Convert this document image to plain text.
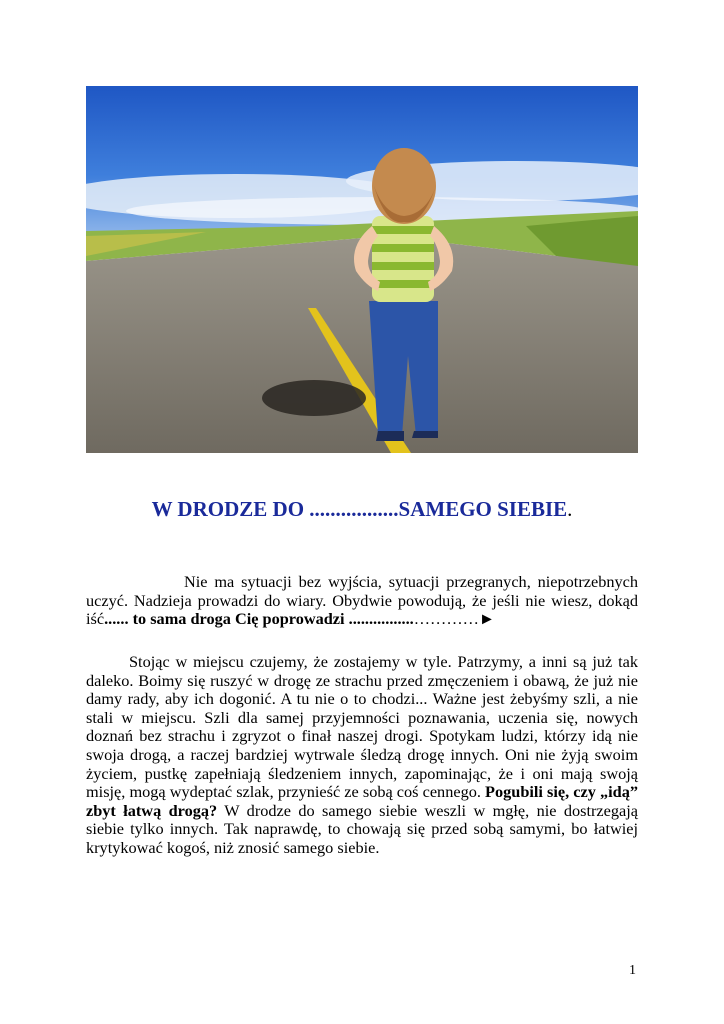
W DRODZE DO .................SAMEGO SIEBIE.
Nie ma sytuacji bez wyjścia, sytuacji przegranych, niepotrzebnych uczyć. Nadzieja prowadzi do wiary. Obydwie powodują, że jeśli nie wiesz, dokąd iść...... to sama droga Cię poprowadzi ................…………►
Stojąc w miejscu czujemy, że zostajemy w tyle. Patrzymy, a inni są już tak daleko. Boimy się ruszyć w drogę ze strachu przed zmęczeniem i obawą, że już nie damy rady, aby ich dogonić. A tu nie o to chodzi... Ważne jest żebyśmy szli, a nie stali w miejscu. Szli dla samej przyjemności poznawania, uczenia się, nowych doznań bez strachu i zgryzot o finał naszej drogi. Spotykam ludzi, którzy idą nie swoja drogą, a raczej bardziej wytrwale śledzą drogę innych. Oni nie żyją swoim życiem, pustkę zapełniają śledzeniem innych, zapominając, że i oni mają swoją misję, mogą wydeptać szlak, przynieść ze sobą coś cennego. Pogubili się, czy „idą” zbyt łatwą drogą? W drodze do samego siebie weszli w mgłę, nie dostrzegają siebie tylko innych. Tak naprawdę, to chowają się przed sobą samymi, bo łatwiej krytykować kogoś, niż znosić samego siebie.
1
